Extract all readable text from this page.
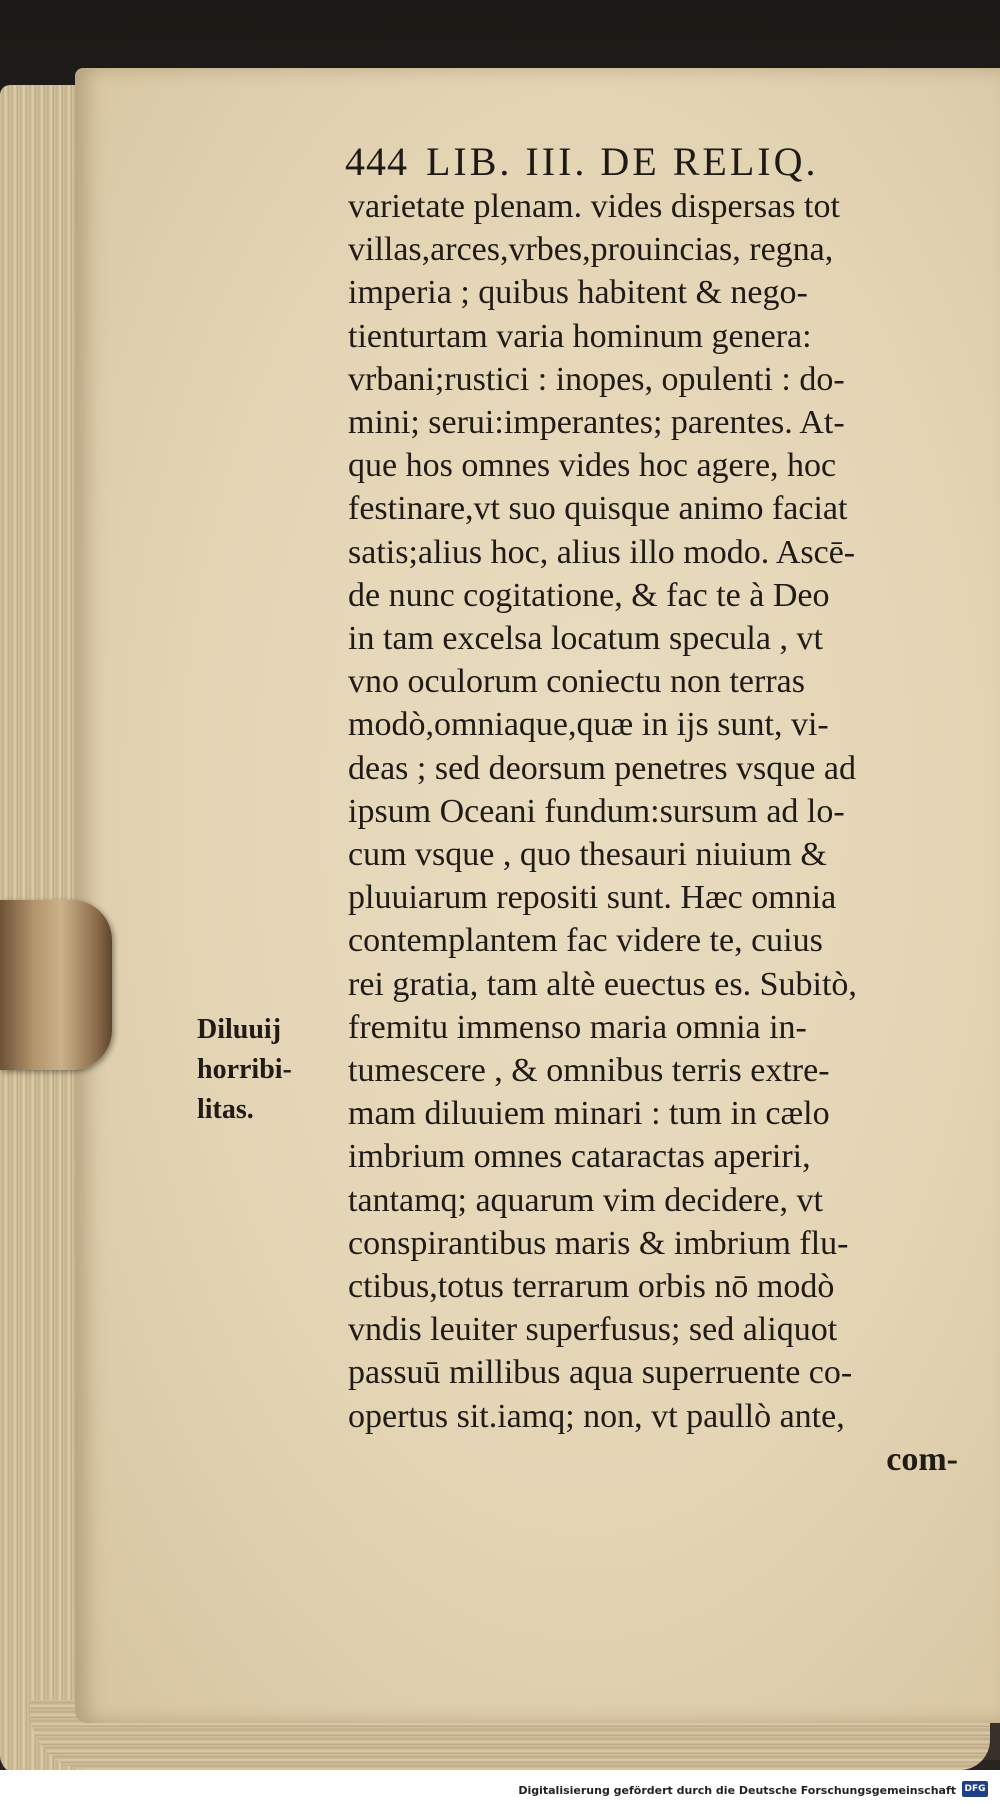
444 LIB. III. DE RELIQ.
varietate plenam. vides dispersas tot
villas,arces,vrbes,prouincias, regna,
imperia ; quibus habitent & nego-
tienturtam varia hominum genera:
vrbani;rustici : inopes, opulenti : do-
mini; serui:imperantes; parentes. At-
que hos omnes vides hoc agere, hoc
festinare,vt suo quisque animo faciat
satis;alius hoc, alius illo modo. Ascē-
de nunc cogitatione, & fac te à Deo
in tam excelsa locatum specula , vt
vno oculorum coniectu non terras
modò,omniaque,quæ in ijs sunt, vi-
deas ; sed deorsum penetres vsque ad
ipsum Oceani fundum:sursum ad lo-
cum vsque , quo thesauri niuium &
pluuiarum repositi sunt. Hæc omnia
contemplantem fac videre te, cuius
rei gratia, tam altè euectus es. Subitò,
fremitu immenso maria omnia in-
tumescere , & omnibus terris extre-
mam diluuiem minari : tum in cælo
imbrium omnes cataractas aperiri,
tantamq; aquarum vim decidere, vt
conspirantibus maris & imbrium flu-
ctibus,totus terrarum orbis nō modò
vndis leuiter superfusus; sed aliquot
passuū millibus aqua superruente co-
opertus sit.iamq; non, vt paullò ante,
com-
Diluuij
horribi-
litas.
Digitalisierung gefördert durch die Deutsche Forschungsgemeinschaft DFG
